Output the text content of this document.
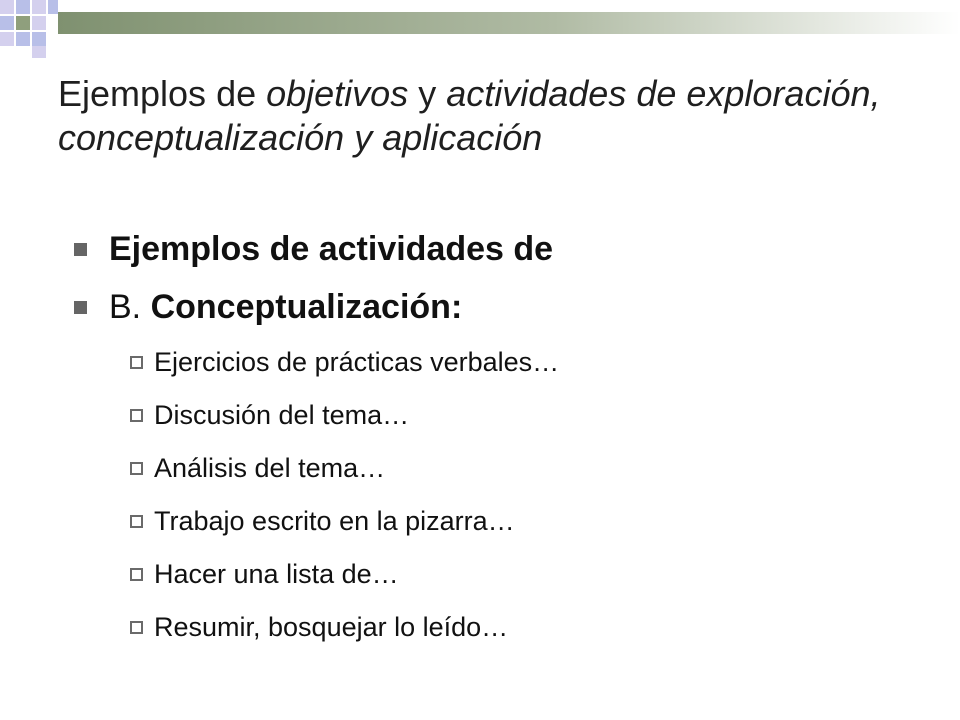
Ejemplos de objetivos y actividades de exploración, conceptualización y aplicación
Ejemplos de actividades de
B. Conceptualización:
Ejercicios de prácticas verbales…
Discusión del tema…
Análisis del tema…
Trabajo escrito en la pizarra…
Hacer una lista de…
Resumir, bosquejar lo leído…
